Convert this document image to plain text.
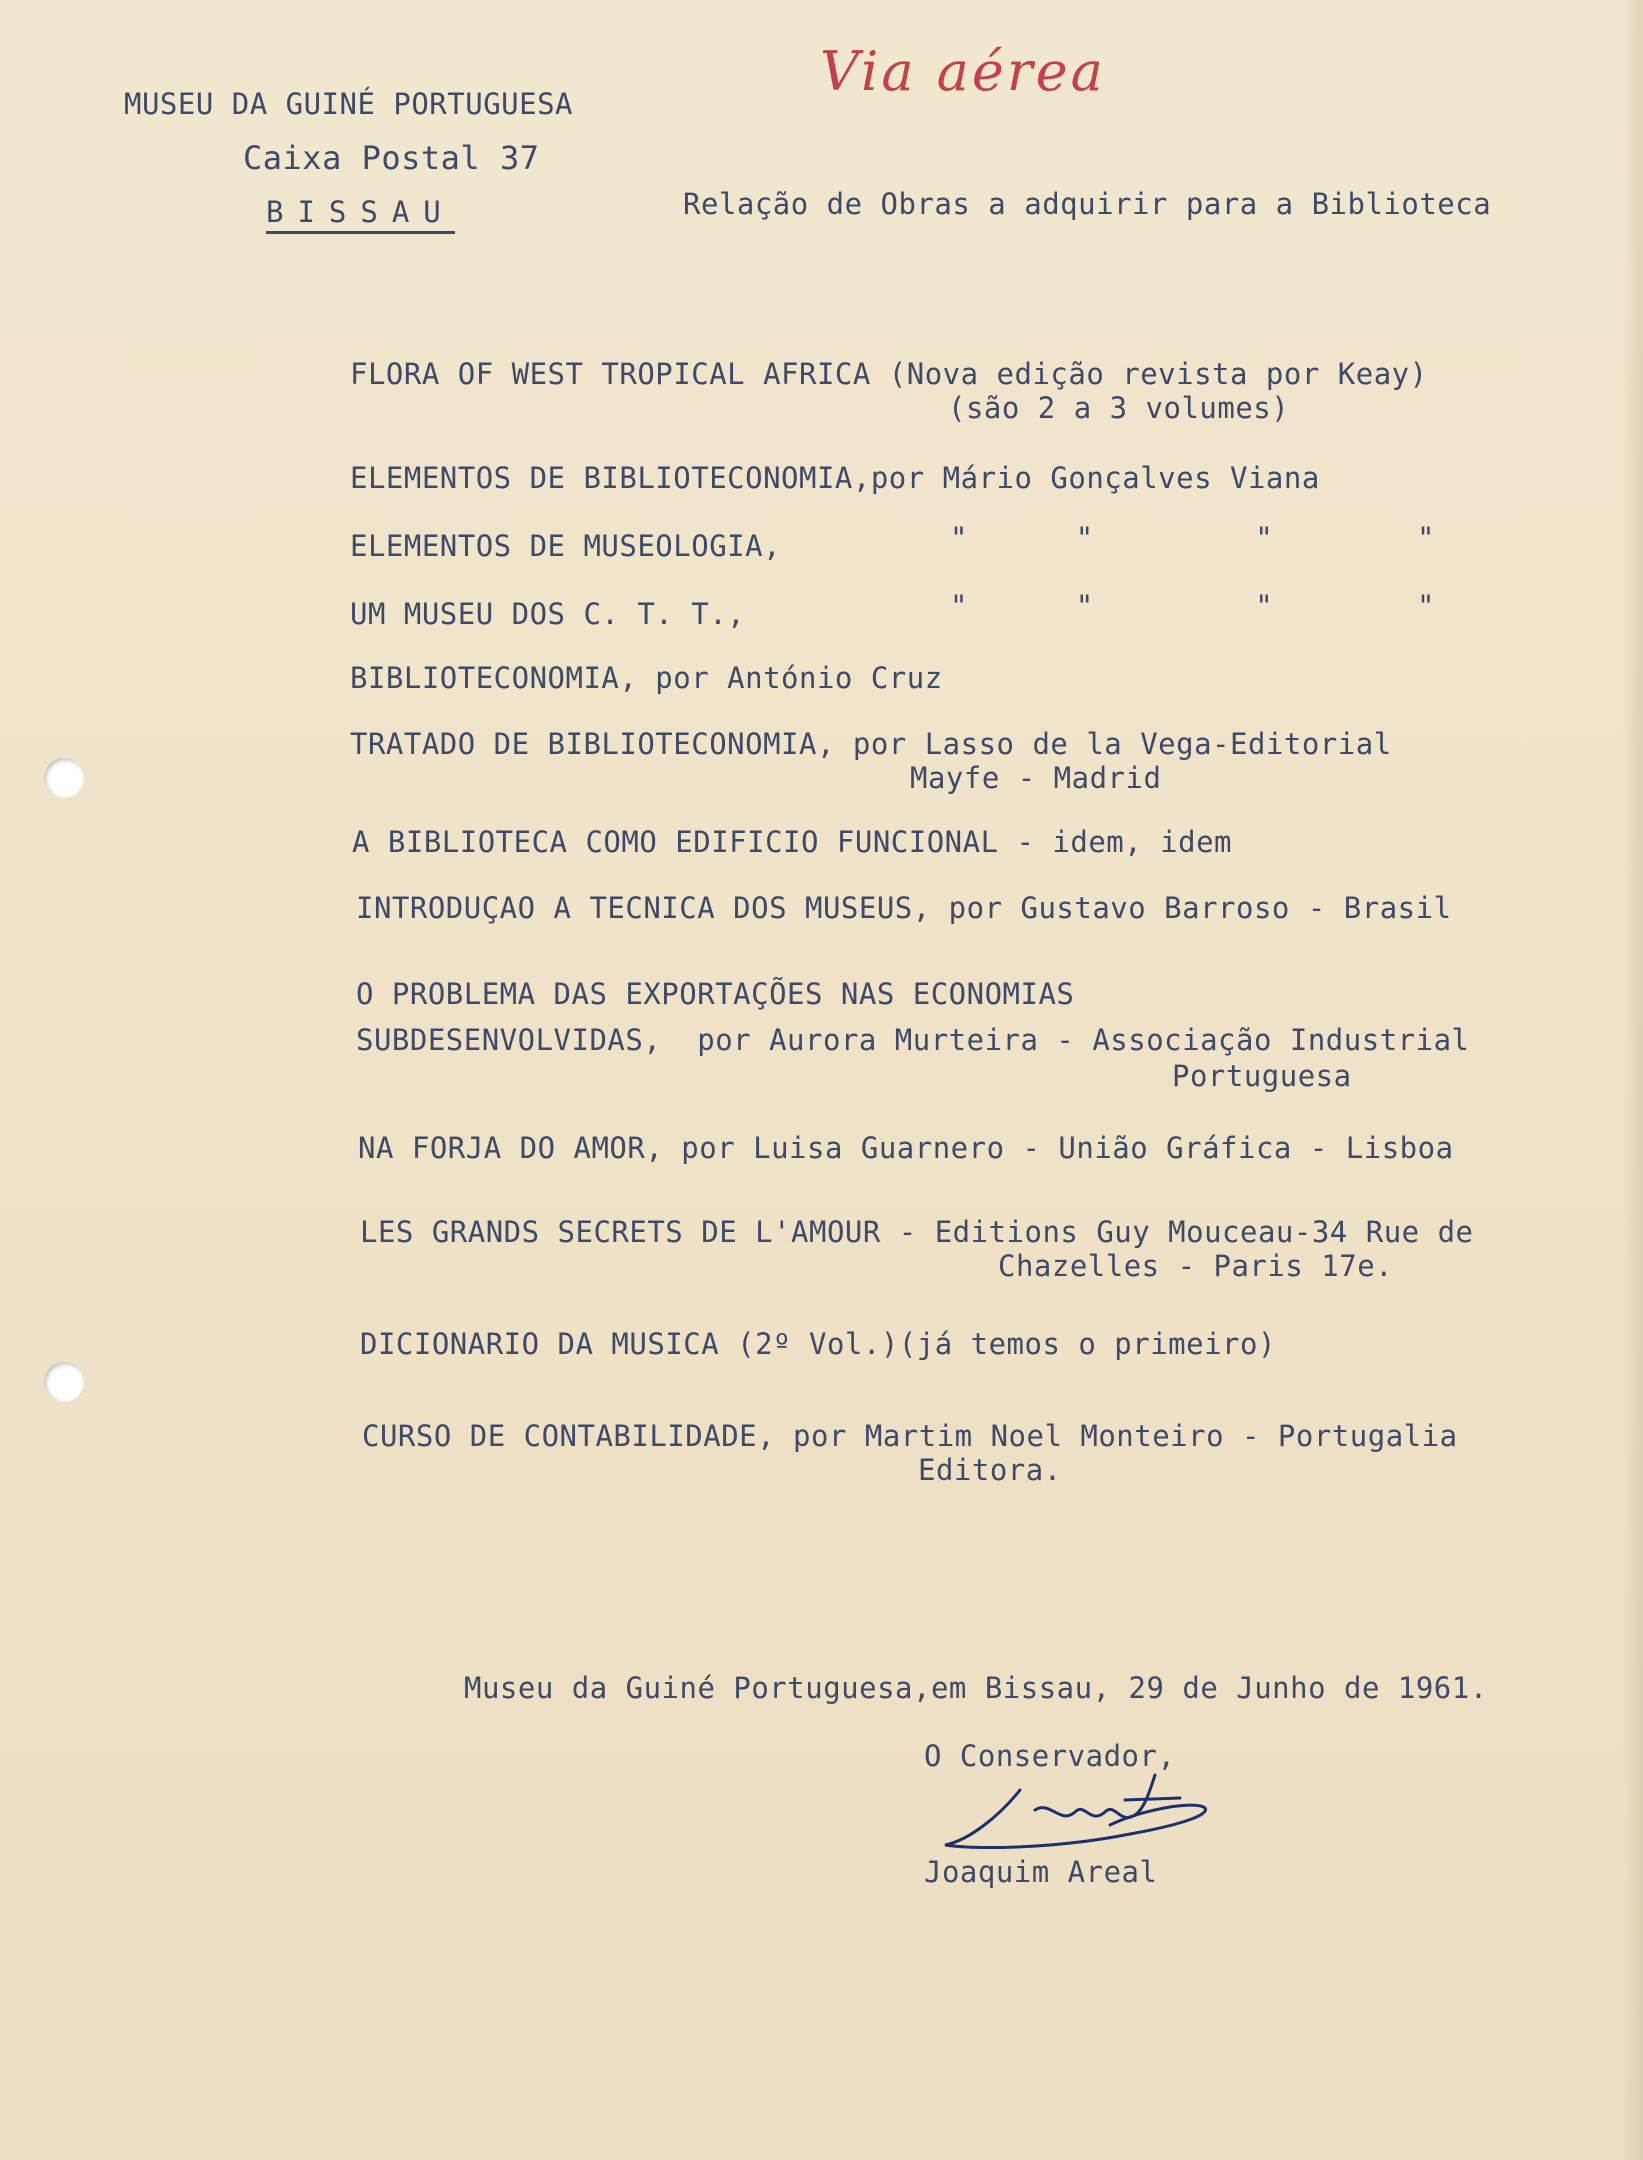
MUSEU DA GUINÉ PORTUGUESA

Caixa Postal 37

BISSAU

Via aérea

Relação de Obras a adquirir para a Biblioteca

FLORA OF WEST TROPICAL AFRICA (Nova edição revista por Keay)

(são 2 a 3 volumes)

ELEMENTOS DE BIBLIOTECONOMIA,por Mário Gonçalves Viana

ELEMENTOS DE MUSEOLOGIA,	"      "         "        "

UM MUSEU DOS C. T. T.,	"      "         "        "

BIBLIOTECONOMIA, por António Cruz

TRATADO DE BIBLIOTECONOMIA, por Lasso de la Vega-Editorial

Mayfe - Madrid

A BIBLIOTECA COMO EDIFICIO FUNCIONAL - idem, idem

INTRODUÇAO A TECNICA DOS MUSEUS, por Gustavo Barroso - Brasil

O PROBLEMA DAS EXPORTAÇÕES NAS ECONOMIAS

SUBDESENVOLVIDAS,  por Aurora Murteira - Associação Industrial

Portuguesa

NA FORJA DO AMOR, por Luisa Guarnero - União Gráfica - Lisboa

LES GRANDS SECRETS DE L'AMOUR - Editions Guy Mouceau-34 Rue de

Chazelles - Paris 17e.

DICIONARIO DA MUSICA (2º Vol.)(já temos o primeiro)

CURSO DE CONTABILIDADE, por Martim Noel Monteiro - Portugalia

Editora.

Museu da Guiné Portuguesa,em Bissau, 29 de Junho de 1961.

O Conservador,

Joaquim Areal
